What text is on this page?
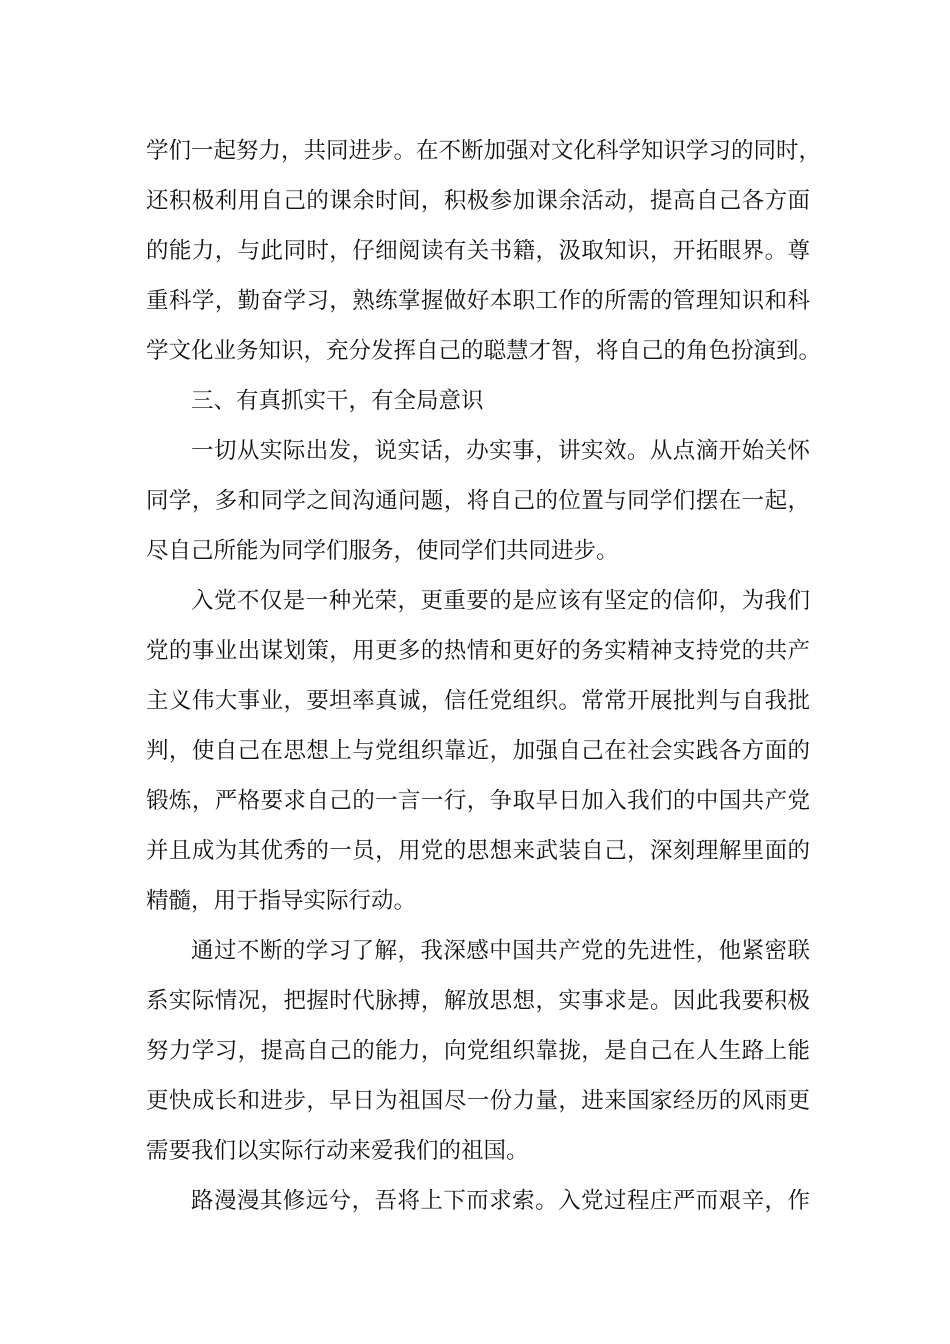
学们一起努力，共同进步。在不断加强对文化科学知识学习的同时，
还积极利用自己的课余时间，积极参加课余活动，提高自己各方面
的能力，与此同时，仔细阅读有关书籍，汲取知识，开拓眼界。尊
重科学，勤奋学习，熟练掌握做好本职工作的所需的管理知识和科
学文化业务知识，充分发挥自己的聪慧才智，将自己的角色扮演到。
三、有真抓实干，有全局意识
一切从实际出发，说实话，办实事，讲实效。从点滴开始关怀
同学，多和同学之间沟通问题，将自己的位置与同学们摆在一起，
尽自己所能为同学们服务，使同学们共同进步。
入党不仅是一种光荣，更重要的是应该有坚定的信仰，为我们
党的事业出谋划策，用更多的热情和更好的务实精神支持党的共产
主义伟大事业，要坦率真诚，信任党组织。常常开展批判与自我批
判，使自己在思想上与党组织靠近，加强自己在社会实践各方面的
锻炼，严格要求自己的一言一行，争取早日加入我们的中国共产党
并且成为其优秀的一员，用党的思想来武装自己，深刻理解里面的
精髓，用于指导实际行动。
通过不断的学习了解，我深感中国共产党的先进性，他紧密联
系实际情况，把握时代脉搏，解放思想，实事求是。因此我要积极
努力学习，提高自己的能力，向党组织靠拢，是自己在人生路上能
更快成长和进步，早日为祖国尽一份力量，进来国家经历的风雨更
需要我们以实际行动来爱我们的祖国。
路漫漫其修远兮，吾将上下而求索。入党过程庄严而艰辛，作
